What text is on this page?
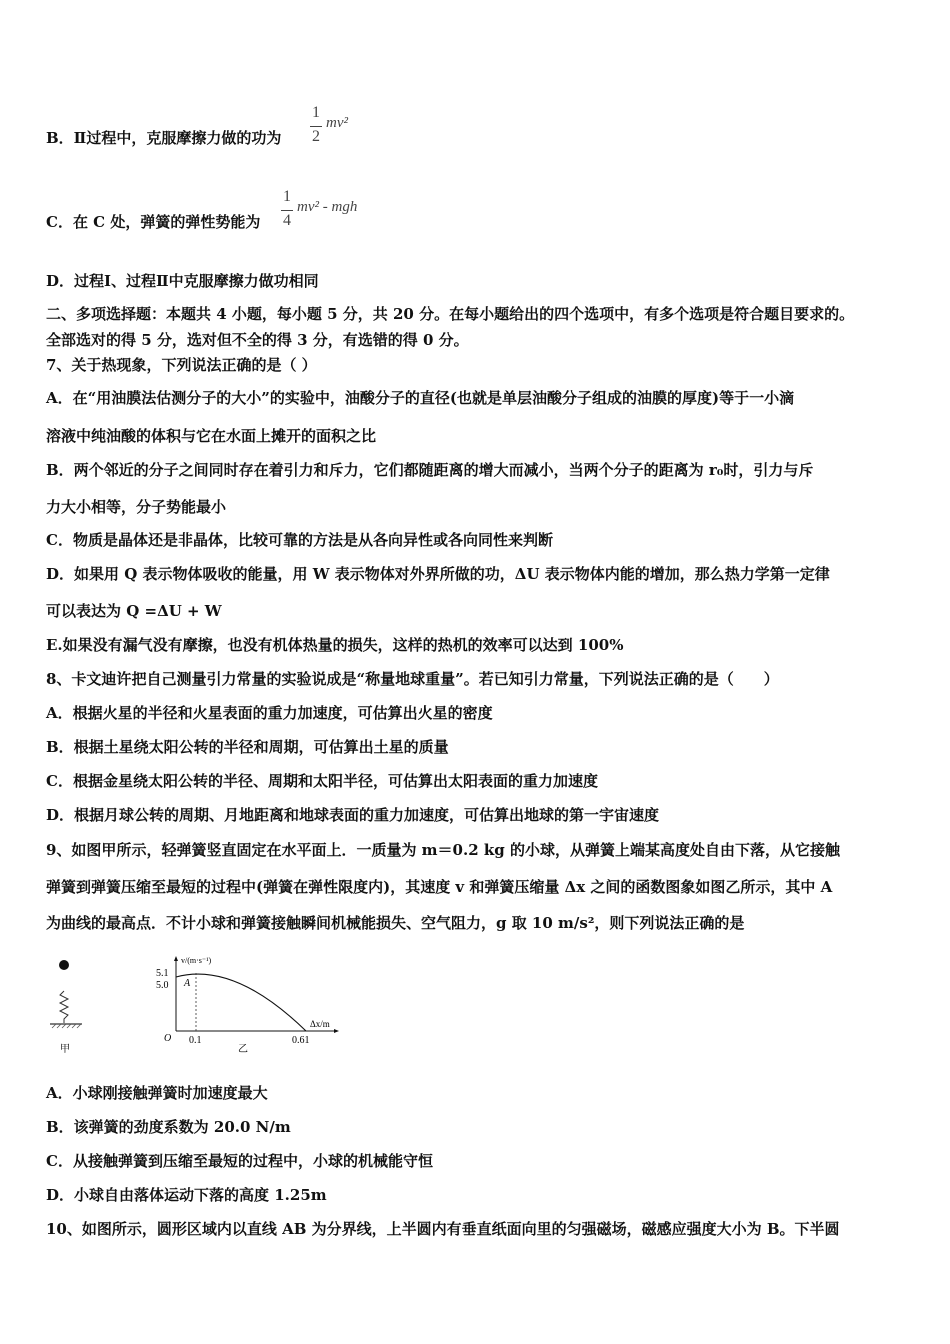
B．Ⅱ过程中，克服摩擦力做的功为
1
2
mv²
C．在 C 处，弹簧的弹性势能为
1
4
mv² - mgh
D．过程Ⅰ、过程Ⅱ中克服摩擦力做功相同
二、多项选择题：本题共 4 小题，每小题 5 分，共 20 分。在每小题给出的四个选项中，有多个选项是符合题目要求的。
全部选对的得 5 分，选对但不全的得 3 分，有选错的得 0 分。
7、关于热现象，下列说法正确的是（ ）
A．在“用油膜法估测分子的大小”的实验中，油酸分子的直径(也就是单层油酸分子组成的油膜的厚度)等于一小滴
溶液中纯油酸的体积与它在水面上摊开的面积之比
B．两个邻近的分子之间同时存在着引力和斥力，它们都随距离的增大而减小，当两个分子的距离为 r₀时，引力与斥
力大小相等，分子势能最小
C．物质是晶体还是非晶体，比较可靠的方法是从各向异性或各向同性来判断
D．如果用 Q 表示物体吸收的能量，用 W 表示物体对外界所做的功，ΔU 表示物体内能的增加，那么热力学第一定律
可以表达为 Q =ΔU + W
E.如果没有漏气没有摩擦，也没有机体热量的损失，这样的热机的效率可以达到 100%
8、卡文迪许把自己测量引力常量的实验说成是“称量地球重量”。若已知引力常量，下列说法正确的是（　　）
A．根据火星的半径和火星表面的重力加速度，可估算出火星的密度
B．根据土星绕太阳公转的半径和周期，可估算出土星的质量
C．根据金星绕太阳公转的半径、周期和太阳半径，可估算出太阳表面的重力加速度
D．根据月球公转的周期、月地距离和地球表面的重力加速度，可估算出地球的第一宇宙速度
9、如图甲所示，轻弹簧竖直固定在水平面上．一质量为 m＝0.2 kg 的小球，从弹簧上端某高度处自由下落，从它接触
弹簧到弹簧压缩至最短的过程中(弹簧在弹性限度内)，其速度 v 和弹簧压缩量 Δx 之间的函数图象如图乙所示，其中 A
为曲线的最高点．不计小球和弹簧接触瞬间机械能损失、空气阻力，g 取 10 m/s²，则下列说法正确的是
甲
v/(m·s⁻¹)
Δx/m
5.1
5.0 A
O 0.1	0.61
乙
A．小球刚接触弹簧时加速度最大
B．该弹簧的劲度系数为 20.0 N/m
C．从接触弹簧到压缩至最短的过程中，小球的机械能守恒
D．小球自由落体运动下落的高度 1.25m
10、如图所示，圆形区域内以直线 AB 为分界线，上半圆内有垂直纸面向里的匀强磁场，磁感应强度大小为 B。下半圆
